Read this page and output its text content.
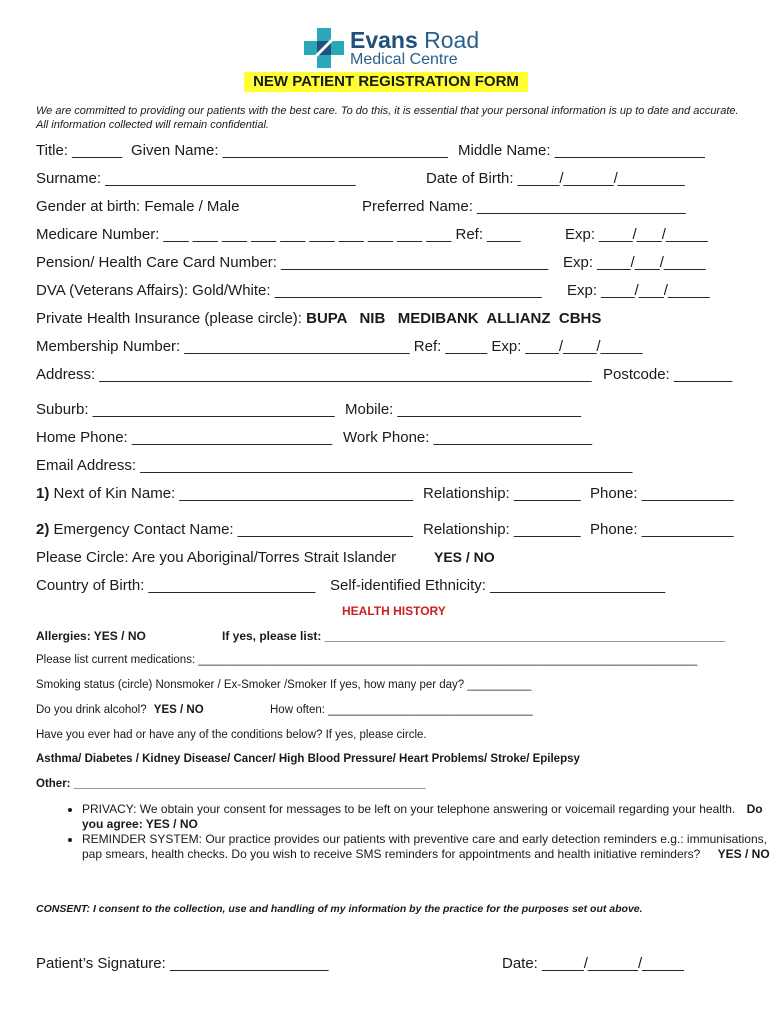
Evans Road
Medical Centre
NEW PATIENT REGISTRATION FORM
We are committed to providing our patients with the best care. To do this, it is essential that your personal information is up to date and accurate. All information collected will remain confidential.
Title: ______ Given Name: ___________________________ Middle Name: __________________
Surname: ______________________________	Date of Birth: _____/______/________
Gender at birth: Female / Male	Preferred Name: _________________________
Medicare Number: ___ ___ ___ ___ ___ ___ ___ ___ ___ ___ Ref: ____	Exp: ____/___/_____
Pension/ Health Care Card Number: ________________________________ Exp: ____/___/_____
DVA (Veterans Affairs): Gold/White: ________________________________ Exp: ____/___/_____
Private Health Insurance (please circle): BUPA   NIB   MEDIBANK  ALLIANZ  CBHS
Membership Number: ___________________________ Ref: _____ Exp: ____/____/_____
Address: ___________________________________________________________ Postcode: _______
Suburb: _____________________________ Mobile: ______________________
Home Phone: ________________________ Work Phone: ___________________
Email Address: ___________________________________________________________
1) Next of Kin Name: ____________________________ Relationship: ________ Phone: ___________
2) Emergency Contact Name: _____________________ Relationship: ________ Phone: ___________
Please Circle: Are you Aboriginal/Torres Strait Islander	YES / NO
Country of Birth: ____________________ Self-identified Ethnicity: _____________________
HEALTH HISTORY
Allergies: YES / NO	If yes, please list: ____________________________________________________________
Please list current medications: ______________________________________________________________________________
Smoking status (circle) Nonsmoker / Ex-Smoker /Smoker If yes, how many per day? __________
Do you drink alcohol? YES / NO	How often: ________________________________
Have you ever had or have any of the conditions below? If yes, please circle.
Asthma/ Diabetes / Kidney Disease/ Cancer/ High Blood Pressure/ Heart Problems/ Stroke/ Epilepsy
Other: _______________________________________________________
• PRIVACY: We obtain your consent for messages to be left on your telephone answering or voicemail regarding your health. Do you agree: YES / NO
• REMINDER SYSTEM: Our practice provides our patients with preventive care and early detection reminders e.g.: immunisations, pap smears, health checks. Do you wish to receive SMS reminders for appointments and health initiative reminders? YES / NO
CONSENT: I consent to the collection, use and handling of my information by the practice for the purposes set out above.
Patient’s Signature: ___________________	Date: _____/______/_____
